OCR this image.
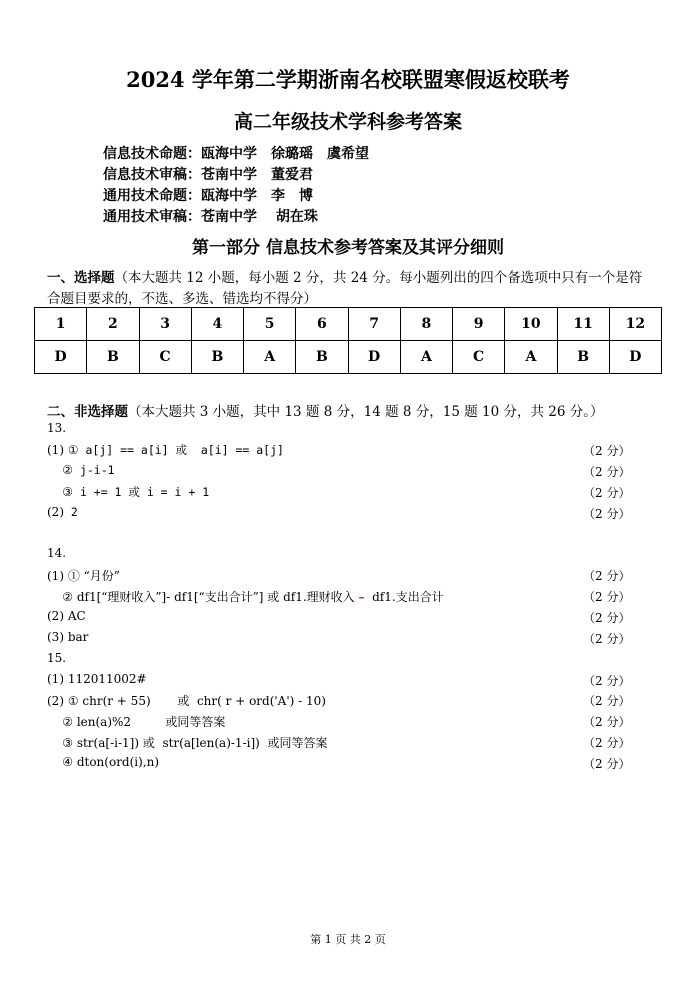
2024 学年第二学期浙南名校联盟寒假返校联考
高二年级技术学科参考答案
信息技术命题：瓯海中学　徐璐瑶　虞希望
信息技术审稿：苍南中学　董爱君
通用技术命题：瓯海中学　李　博
通用技术审稿：苍南中学　 胡在珠
第一部分 信息技术参考答案及其评分细则
一、选择题（本大题共 12 小题，每小题 2 分，共 24 分。每小题列出的四个备选项中只有一个是符
合题目要求的，不选、多选、错选均不得分）
1	2	3	4	5	6	7	8	9	10	11	12
D	B	C	B	A	B	D	A	C	A	B	D
二、非选择题（本大题共 3 小题，其中 13 题 8 分，14 题 8 分，15 题 10 分，共 26 分。）
13.
(1) ① a[j] == a[i] 或  a[i] == a[j]	（2 分）
② j-i-1	（2 分）
③ i += 1 或 i = i + 1	（2 分）
(2) 2	（2 分）
14.
(1) ① “月份”	（2 分）
② df1[“理财收入”]- df1[“支出合计”] 或 df1.理财收入 –  df1.支出合计	（2 分）
(2) AC	（2 分）
(3) bar	（2 分）
15.
(1) 112011002#	（2 分）
(2) ① chr(r + 55)       或  chr( r + ord('A') - 10)	（2 分）
② len(a)%2         或同等答案	（2 分）
③ str(a[-i-1]) 或  str(a[len(a)-1-i])  或同等答案	（2 分）
④ dton(ord(i),n)	（2 分）
第 1 页 共 2 页
